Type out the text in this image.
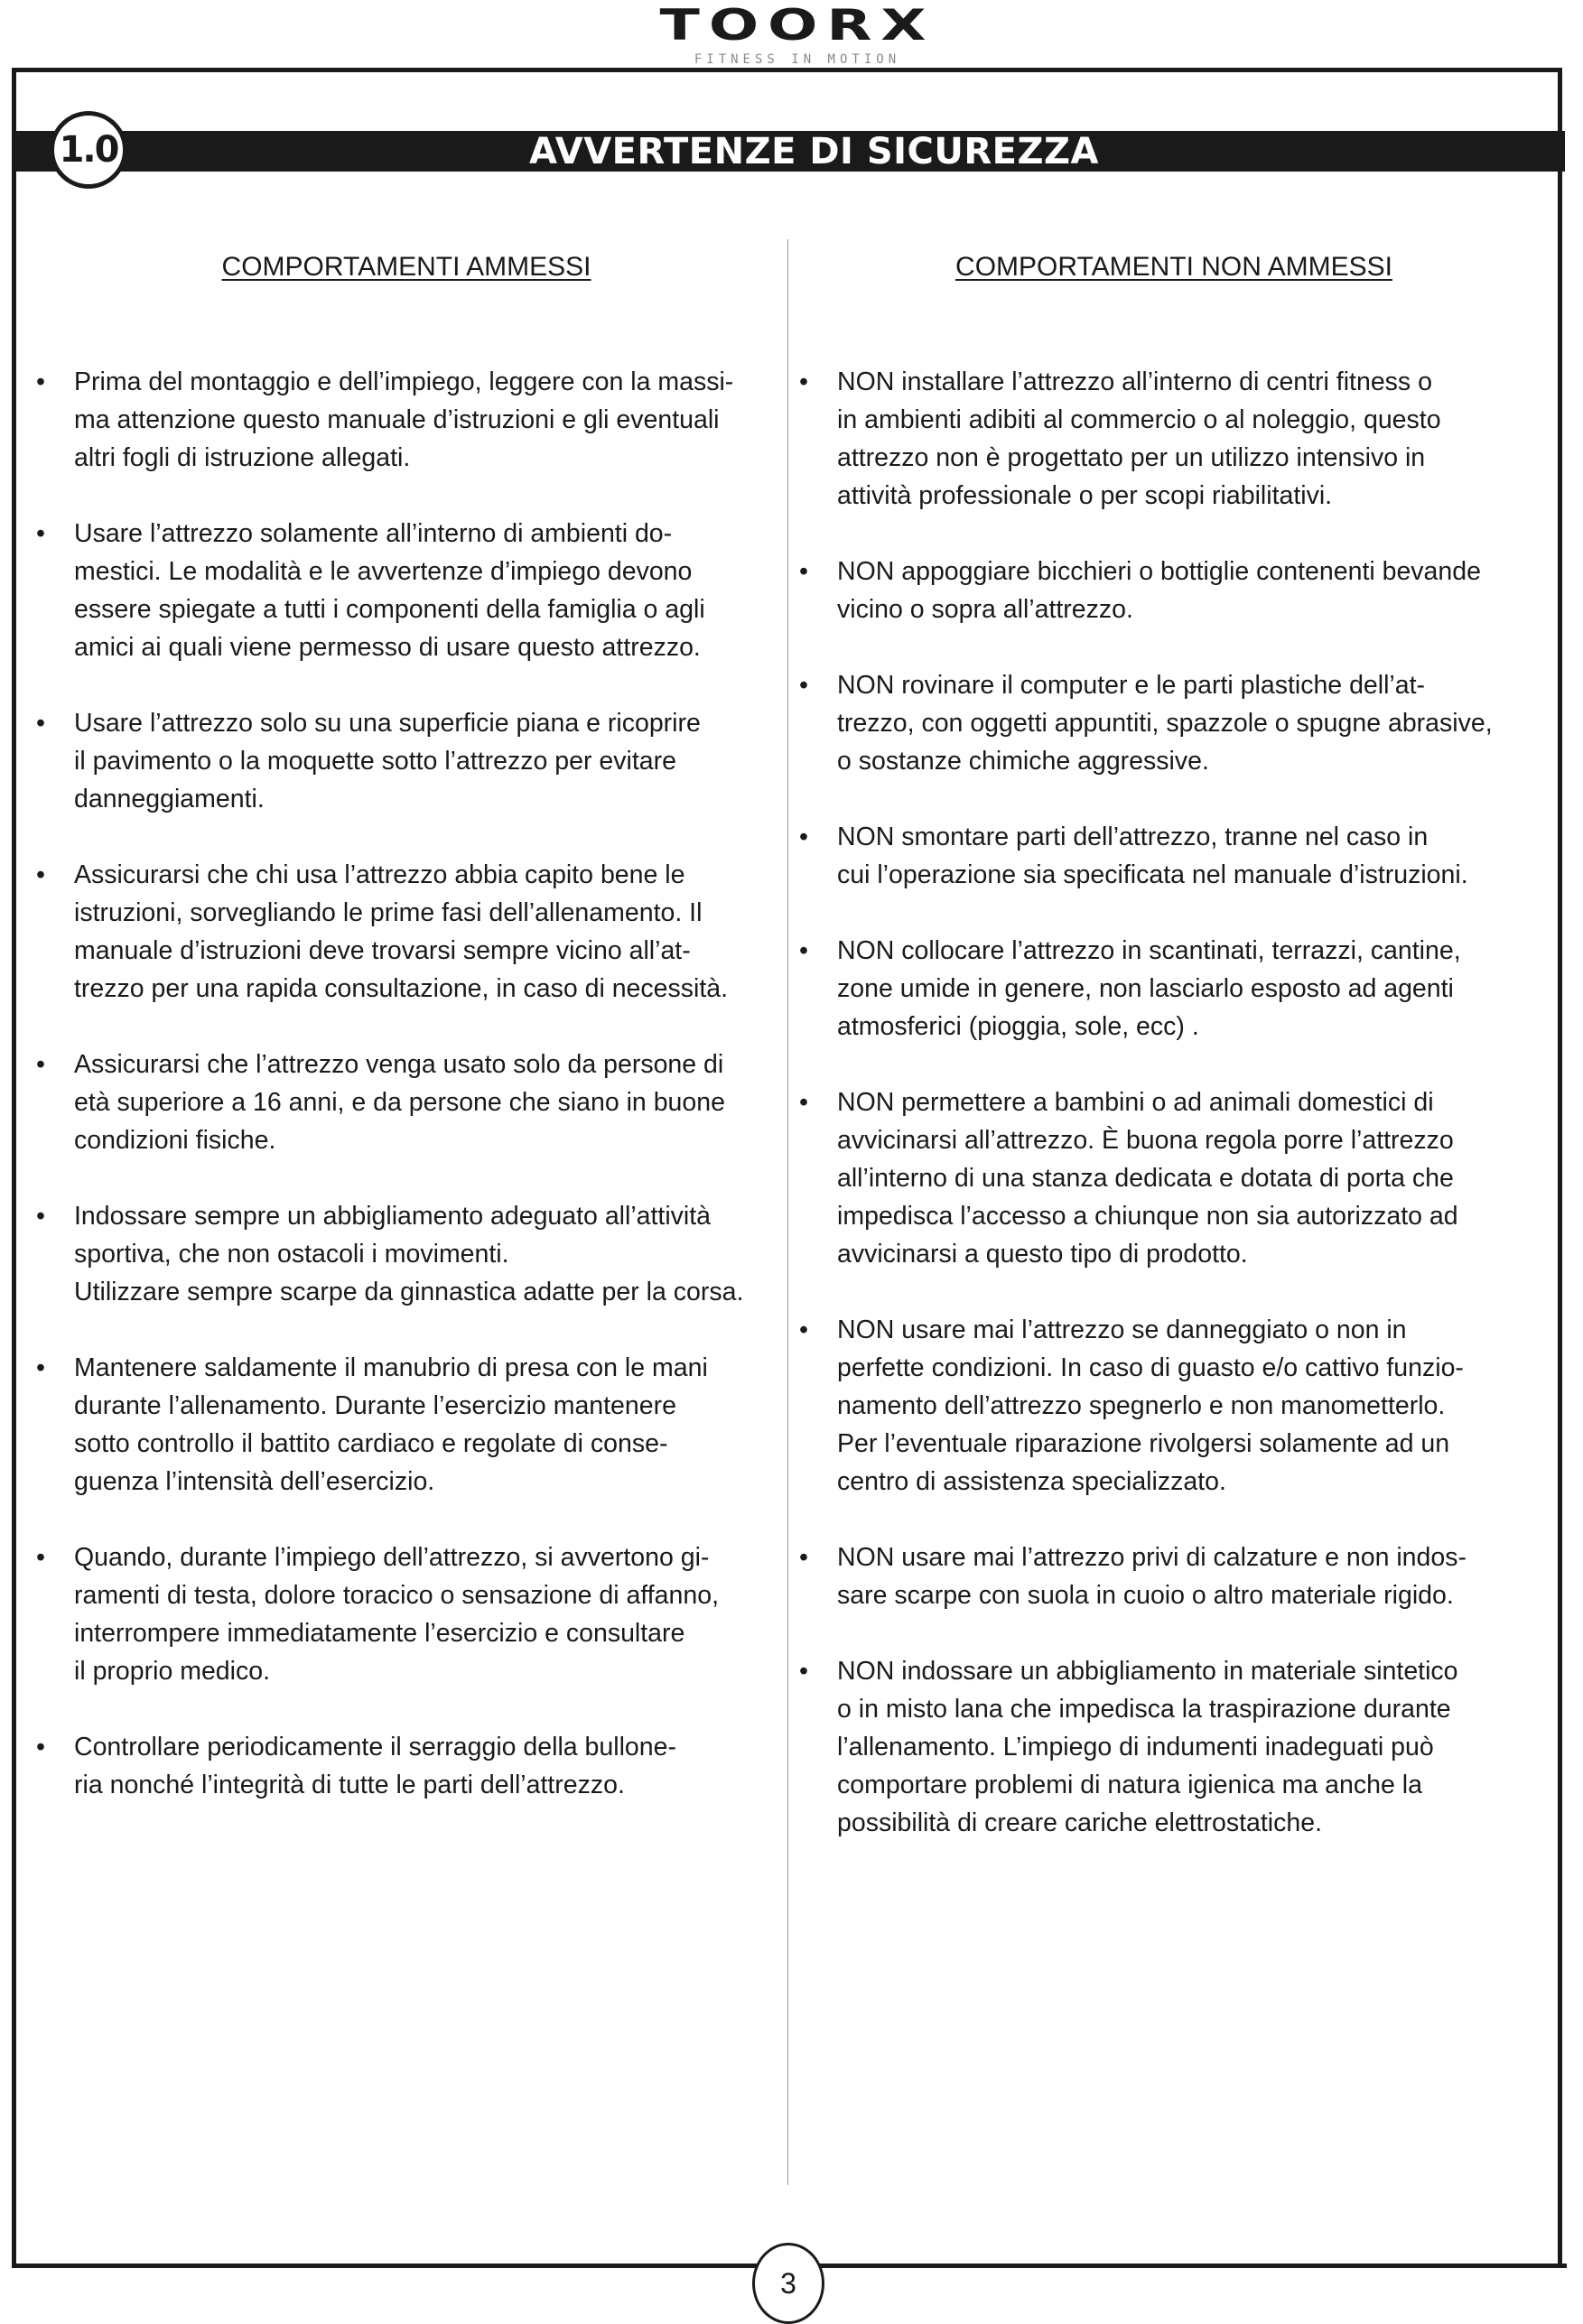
TOORX
FITNESS IN MOTION
AVVERTENZE DI SICUREZZA
1.0
COMPORTAMENTI AMMESSI	COMPORTAMENTI NON AMMESSI
•	Prima del montaggio e dell’impiego, leggere con la massi-
ma attenzione questo manuale d’istruzioni e gli eventuali
altri fogli di istruzione allegati.
•	Usare l’attrezzo solamente all’interno di ambienti do-
mestici. Le modalità e le avvertenze d’impiego devono
essere spiegate a tutti i componenti della famiglia o agli
amici ai quali viene permesso di usare questo attrezzo.
•	Usare l’attrezzo solo su una superficie piana e ricoprire
il pavimento o la moquette sotto l’attrezzo per evitare
danneggiamenti.
•	Assicurarsi che chi usa l’attrezzo abbia capito bene le
istruzioni, sorvegliando le prime fasi dell’allenamento. Il
manuale d’istruzioni deve trovarsi sempre vicino all’at-
trezzo per una rapida consultazione, in caso di necessità.
•	Assicurarsi che l’attrezzo venga usato solo da persone di
età superiore a 16 anni, e da persone che siano in buone
condizioni fisiche.
•	Indossare sempre un abbigliamento adeguato all’attività
sportiva, che non ostacoli i movimenti.
Utilizzare sempre scarpe da ginnastica adatte per la corsa.
•	Mantenere saldamente il manubrio di presa con le mani
durante l’allenamento. Durante l’esercizio mantenere
sotto controllo il battito cardiaco e regolate di conse-
guenza l’intensità dell’esercizio.
•	Quando, durante l’impiego dell’attrezzo, si avvertono gi-
ramenti di testa, dolore toracico o sensazione di affanno,
interrompere immediatamente l’esercizio e consultare
il proprio medico.
•	Controllare periodicamente il serraggio della bullone-
ria nonché l’integrità di tutte le parti dell’attrezzo.
•	NON installare l’attrezzo all’interno di centri fitness o
in ambienti adibiti al commercio o al noleggio, questo
attrezzo non è progettato per un utilizzo intensivo in
attività professionale o per scopi riabilitativi.
•	NON appoggiare bicchieri o bottiglie contenenti bevande
vicino o sopra all’attrezzo.
•	NON rovinare il computer e le parti plastiche dell’at-
trezzo, con oggetti appuntiti, spazzole o spugne abrasive,
o sostanze chimiche aggressive.
•	NON smontare parti dell’attrezzo, tranne nel caso in
cui l’operazione sia specificata nel manuale d’istruzioni.
•	NON collocare l’attrezzo in scantinati, terrazzi, cantine,
zone umide in genere, non lasciarlo esposto ad agenti
atmosferici (pioggia, sole, ecc) .
•	NON permettere a bambini o ad animali domestici di
avvicinarsi all’attrezzo. È buona regola porre l’attrezzo
all’interno di una stanza dedicata e dotata di porta che
impedisca l’accesso a chiunque non sia autorizzato ad
avvicinarsi a questo tipo di prodotto.
•	NON usare mai l’attrezzo se danneggiato o non in
perfette condizioni. In caso di guasto e/o cattivo funzio-
namento dell’attrezzo spegnerlo e non manometterlo.
Per l’eventuale riparazione rivolgersi solamente ad un
centro di assistenza specializzato.
•	NON usare mai l’attrezzo privi di calzature e non indos-
sare scarpe con suola in cuoio o altro materiale rigido.
•	NON indossare un abbigliamento in materiale sintetico
o in misto lana che impedisca la traspirazione durante
l’allenamento. L’impiego di indumenti inadeguati può
comportare problemi di natura igienica ma anche la
possibilità di creare cariche elettrostatiche.
3
